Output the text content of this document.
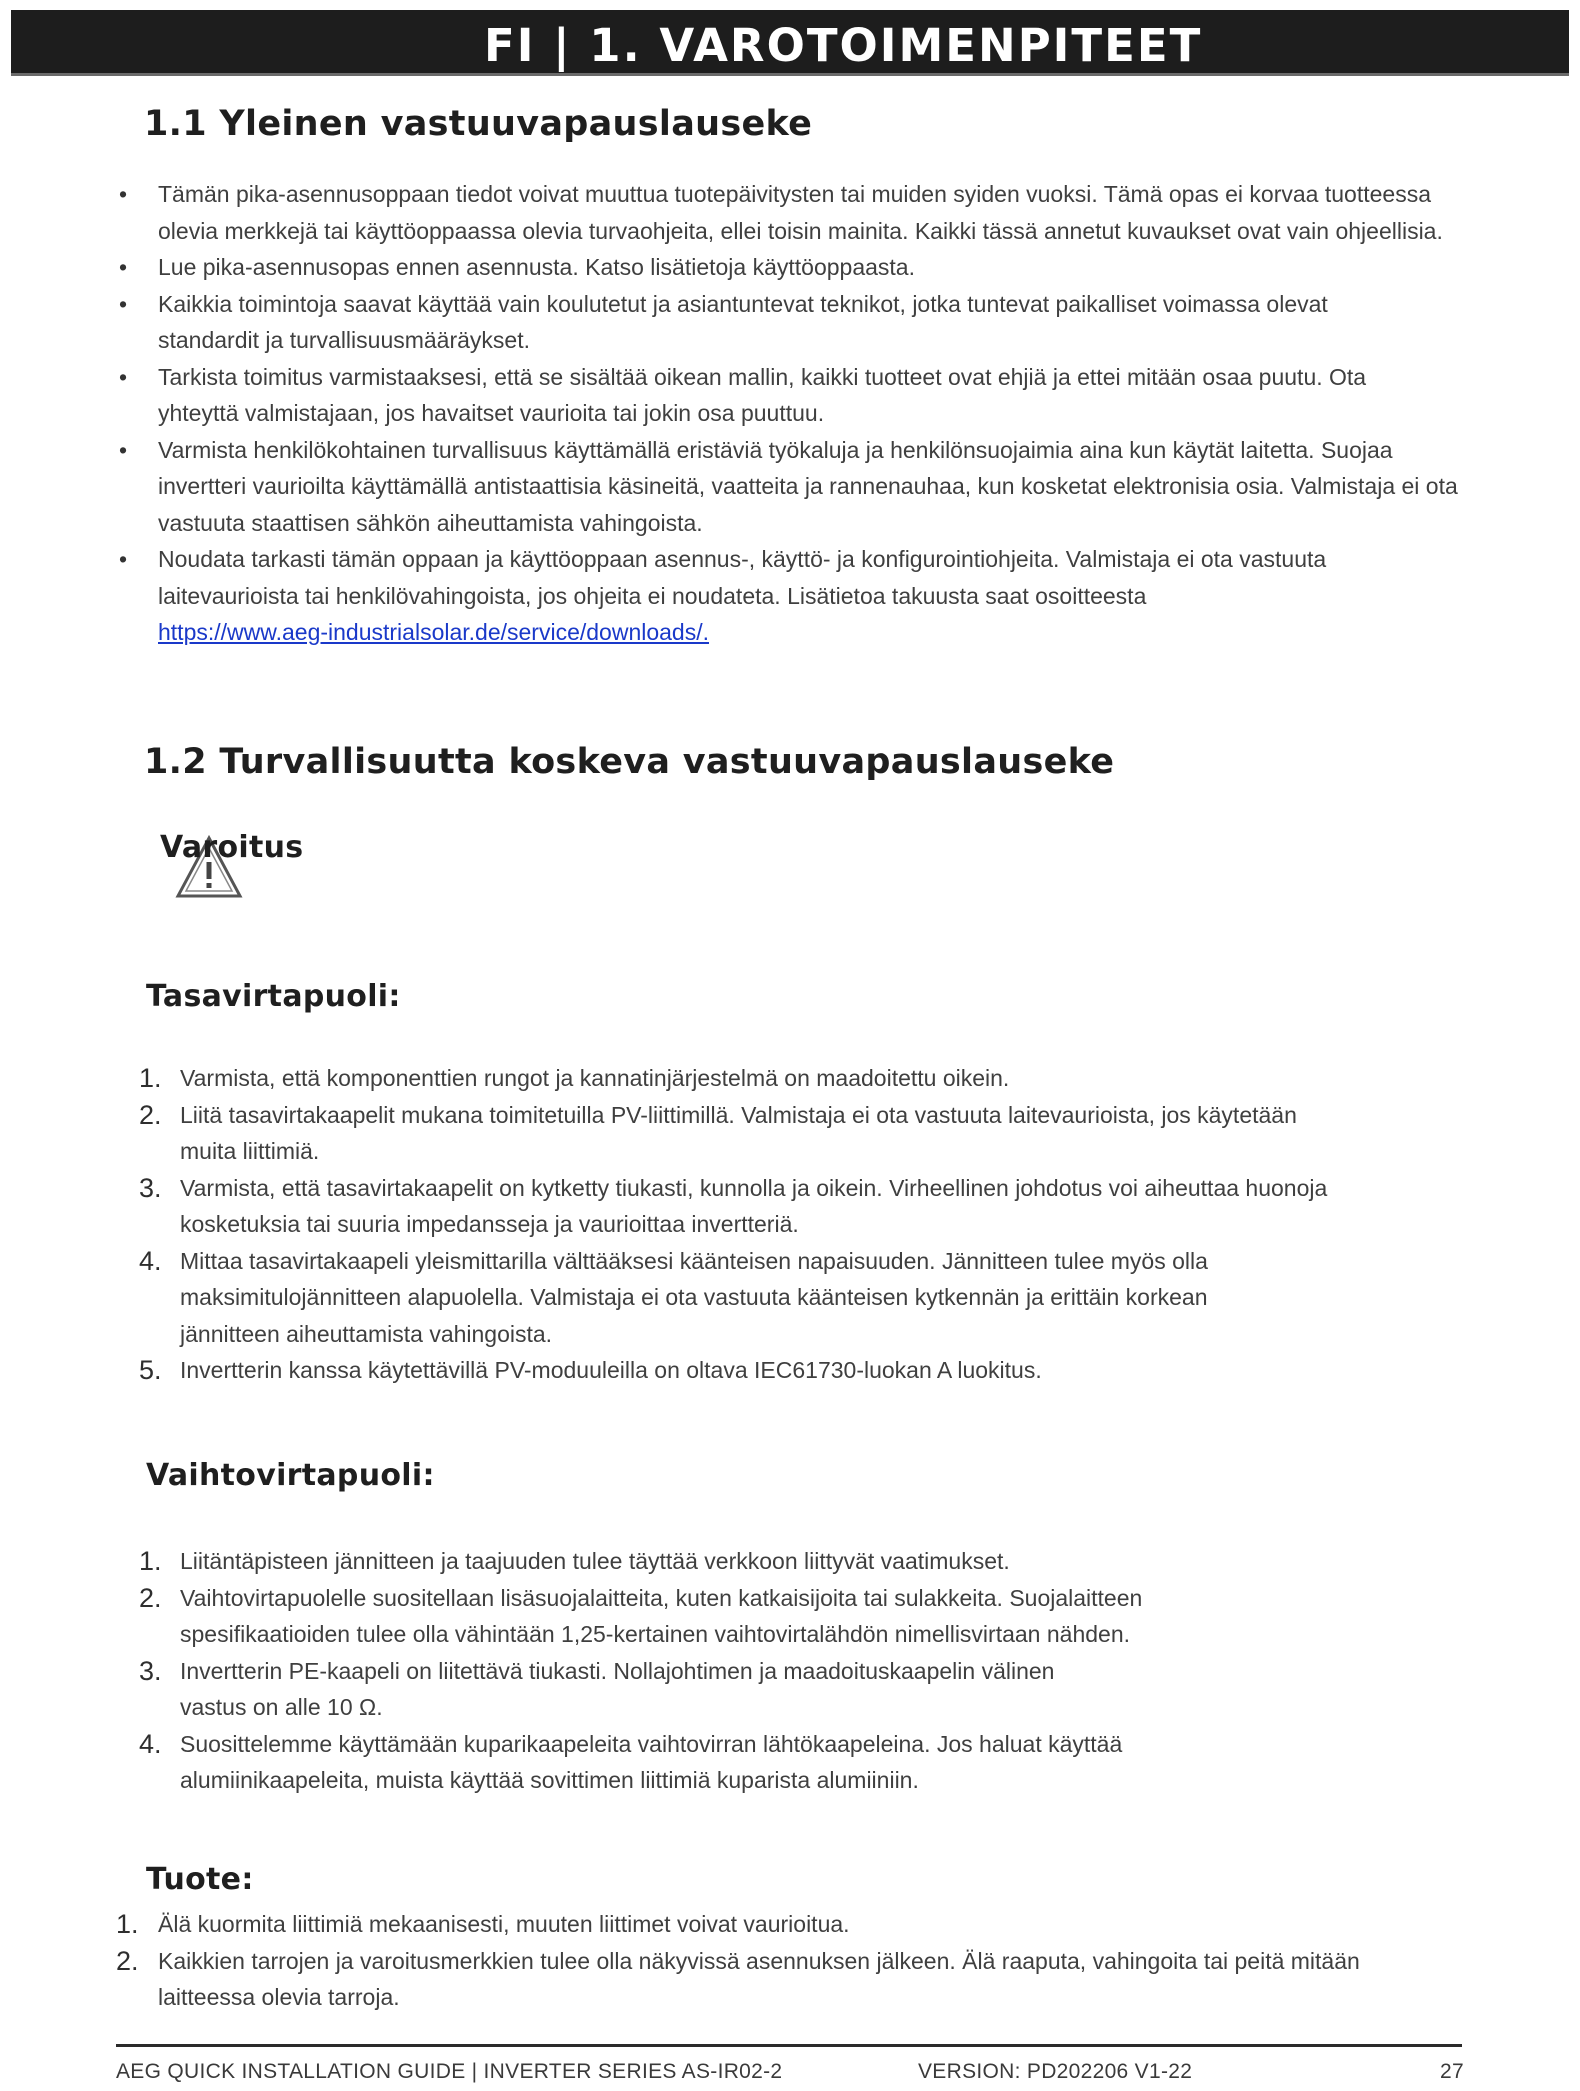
FI | 1. VAROTOIMENPITEET
1.1 Yleinen vastuuvapauslauseke
• Tämän pika-asennusoppaan tiedot voivat muuttua tuotepäivitysten tai muiden syiden vuoksi. Tämä opas ei korvaa tuotteessa olevia merkkejä tai käyttöoppaassa olevia turvaohjeita, ellei toisin mainita. Kaikki tässä annetut kuvaukset ovat vain ohjeellisia.
• Lue pika-asennusopas ennen asennusta. Katso lisätietoja käyttöoppaasta.
• Kaikkia toimintoja saavat käyttää vain koulutetut ja asiantuntevat teknikot, jotka tuntevat paikalliset voimassa olevat standardit ja turvallisuusmääräykset.
• Tarkista toimitus varmistaaksesi, että se sisältää oikean mallin, kaikki tuotteet ovat ehjiä ja ettei mitään osaa puutu. Ota yhteyttä valmistajaan, jos havaitset vaurioita tai jokin osa puuttuu.
• Varmista henkilökohtainen turvallisuus käyttämällä eristäviä työkaluja ja henkilönsuojaimia aina kun käytät laitetta. Suojaa invertteri vaurioilta käyttämällä antistaattisia käsineitä, vaatteita ja rannenauhaa, kun kosketat elektronisia osia. Valmistaja ei ota vastuuta staattisen sähkön aiheuttamista vahingoista.
• Noudata tarkasti tämän oppaan ja käyttöoppaan asennus-, käyttö- ja konfigurointiohjeita. Valmistaja ei ota vastuuta laitevaurioista tai henkilövahingoista, jos ohjeita ei noudateta. Lisätietoa takuusta saat osoitteesta
https://www.aeg-industrialsolar.de/service/downloads/.
1.2 Turvallisuutta koskeva vastuuvapauslauseke
Varoitus
Tasavirtapuoli:
1. Varmista, että komponenttien rungot ja kannatinjärjestelmä on maadoitettu oikein.
2. Liitä tasavirtakaapelit mukana toimitetuilla PV-liittimillä. Valmistaja ei ota vastuuta laitevaurioista, jos käytetään muita liittimiä.
3. Varmista, että tasavirtakaapelit on kytketty tiukasti, kunnolla ja oikein. Virheellinen johdotus voi aiheuttaa huonoja kosketuksia tai suuria impedansseja ja vaurioittaa invertteriä.
4. Mittaa tasavirtakaapeli yleismittarilla välttääksesi käänteisen napaisuuden. Jännitteen tulee myös olla maksimitulojännitteen alapuolella. Valmistaja ei ota vastuuta käänteisen kytkennän ja erittäin korkean jännitteen aiheuttamista vahingoista.
5. Invertterin kanssa käytettävillä PV-moduuleilla on oltava IEC61730-luokan A luokitus.
Vaihtovirtapuoli:
1. Liitäntäpisteen jännitteen ja taajuuden tulee täyttää verkkoon liittyvät vaatimukset.
2. Vaihtovirtapuolelle suositellaan lisäsuojalaitteita, kuten katkaisijoita tai sulakkeita. Suojalaitteen spesifikaatioiden tulee olla vähintään 1,25-kertainen vaihtovirtalähdön nimellisvirtaan nähden.
3. Invertterin PE-kaapeli on liitettävä tiukasti. Nollajohtimen ja maadoituskaapelin välinen vastus on alle 10 Ω.
4. Suosittelemme käyttämään kuparikaapeleita vaihtovirran lähtökaapeleina. Jos haluat käyttää alumiinikaapeleita, muista käyttää sovittimen liittimiä kuparista alumiiniin.
Tuote:
1. Älä kuormita liittimiä mekaanisesti, muuten liittimet voivat vaurioitua.
2. Kaikkien tarrojen ja varoitusmerkkien tulee olla näkyvissä asennuksen jälkeen. Älä raaputa, vahingoita tai peitä mitään laitteessa olevia tarroja.
AEG QUICK INSTALLATION GUIDE | INVERTER SERIES AS-IR02-2	VERSION: PD202206 V1-22	27
